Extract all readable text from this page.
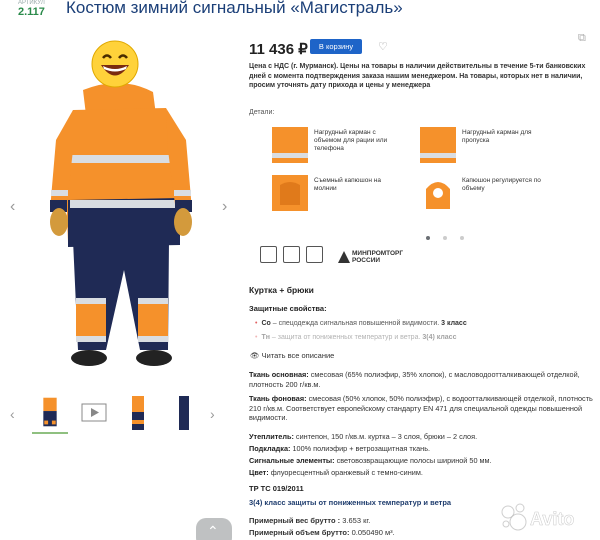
АРТИКУЛ
2.117 Костюм зимний сигнальный «Магистраль»
‹	›
‹	›
⌃
11 436 ₽	В корзину	♡
⧉
Цена с НДС (г. Мурманск). Цены на товары в наличии действительны в течение 5-ти банковских дней с момента подтверждения заказа нашим менеджером. На товары, которых нет в наличии, просим уточнять дату прихода и цены у менеджера
Детали:
Нагрудный карман с объемом для рации или телефона
Нагрудный карман для пропуска
Съемный капюшон на молнии
Капюшон регулируется по объему
МИНПРОМТОРГ РОССИИ
Куртка + брюки
Защитные свойства:
• Со – спецодежда сигнальная повышенной видимости. 3 класс
• Тн – защита от пониженных температур и ветра. 3(4) класс
👁 Читать все описание
Ткань основная: смесовая (65% полиэфир, 35% хлопок), с масловодоотталкивающей отделкой, плотность 200 г/кв.м.
Ткань фоновая: смесовая (50% хлопок, 50% полиэфир), с водоотталкивающей отделкой, плотность 210 г/кв.м. Соответствует европейскому стандарту EN 471 для специальной одежды повышенной видимости.
Утеплитель: синтепон, 150 г/кв.м. куртка – 3 слоя, брюки – 2 слоя.
Подкладка: 100% полиэфир + ветрозащитная ткань.
Сигнальные элементы: световозвращающие полосы шириной 50 мм.
Цвет: флуоресцентный оранжевый с темно-синим.
ТР ТС 019/2011
3(4) класс защиты от пониженных температур и ветра
Примерный вес брутто : 3.653 кг.
Примерный объем брутто: 0.050490 м³.
Avito
